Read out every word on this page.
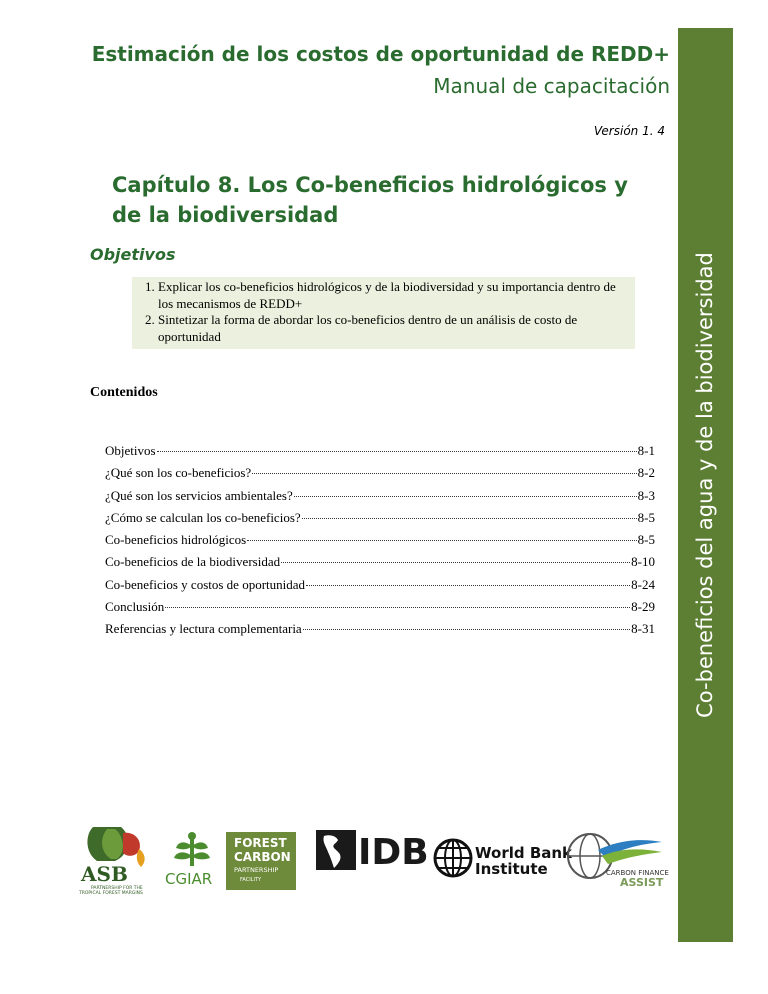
Estimación de los costos de oportunidad de REDD+
Manual de capacitación
Versión 1. 4
Co-beneficios del agua y de la biodiversidad
Capítulo 8. Los Co-beneficios hidrológicos y de la biodiversidad
Objetivos
1. Explicar los co-beneficios hidrológicos y de la biodiversidad y su importancia dentro de los mecanismos de REDD+
2. Sintetizar la forma de abordar los co-beneficios dentro de un análisis de costo de oportunidad
Contenidos
Objetivos	8-1
¿Qué son los co-beneficios?	8-2
¿Qué son los servicios ambientales?	8-3
¿Cómo se calculan los co-beneficios?	8-5
Co-beneficios hidrológicos	8-5
Co-beneficios de la biodiversidad	8-10
Co-beneficios y costos de oportunidad	8-24
Conclusión	8-29
Referencias y lectura complementaria	8-31
ASB
PARTNERSHIP FOR THE
TROPICAL FOREST MARGINS
CGIAR
FOREST
CARBON
PARTNERSHIP
FACILITY
IDB	World Bank
Institute	CARBON FINANCE
ASSIST
